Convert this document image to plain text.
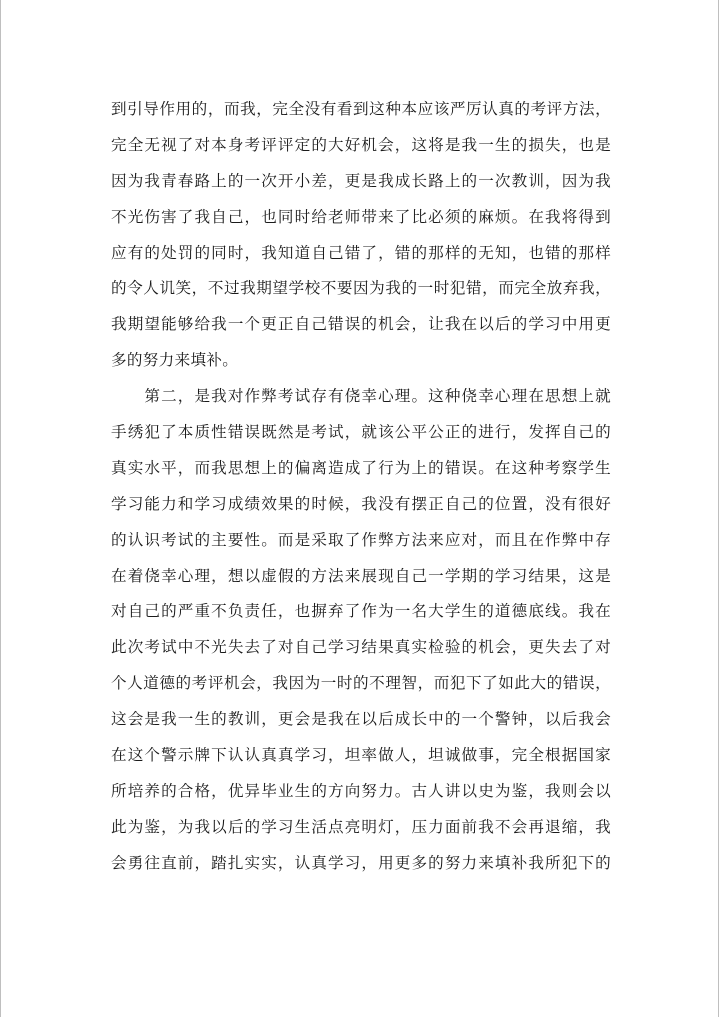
到引导作用的，而我，完全没有看到这种本应该严厉认真的考评方法，
完全无视了对本身考评评定的大好机会，这将是我一生的损失，也是
因为我青春路上的一次开小差，更是我成长路上的一次教训，因为我
不光伤害了我自己，也同时给老师带来了比必须的麻烦。在我将得到
应有的处罚的同时，我知道自己错了，错的那样的无知，也错的那样
的令人讥笑，不过我期望学校不要因为我的一时犯错，而完全放弃我，
我期望能够给我一个更正自己错误的机会，让我在以后的学习中用更
多的努力来填补。
　　第二，是我对作弊考试存有侥幸心理。这种侥幸心理在思想上就
手绣犯了本质性错误既然是考试，就该公平公正的进行，发挥自己的
真实水平，而我思想上的偏离造成了行为上的错误。在这种考察学生
学习能力和学习成绩效果的时候，我没有摆正自己的位置，没有很好
的认识考试的主要性。而是采取了作弊方法来应对，而且在作弊中存
在着侥幸心理，想以虚假的方法来展现自己一学期的学习结果，这是
对自己的严重不负责任，也摒弃了作为一名大学生的道德底线。我在
此次考试中不光失去了对自己学习结果真实检验的机会，更失去了对
个人道德的考评机会，我因为一时的不理智，而犯下了如此大的错误，
这会是我一生的教训，更会是我在以后成长中的一个警钟，以后我会
在这个警示牌下认认真真学习，坦率做人，坦诚做事，完全根据国家
所培养的合格，优异毕业生的方向努力。古人讲以史为鉴，我则会以
此为鉴，为我以后的学习生活点亮明灯，压力面前我不会再退缩，我
会勇往直前，踏扎实实，认真学习，用更多的努力来填补我所犯下的
